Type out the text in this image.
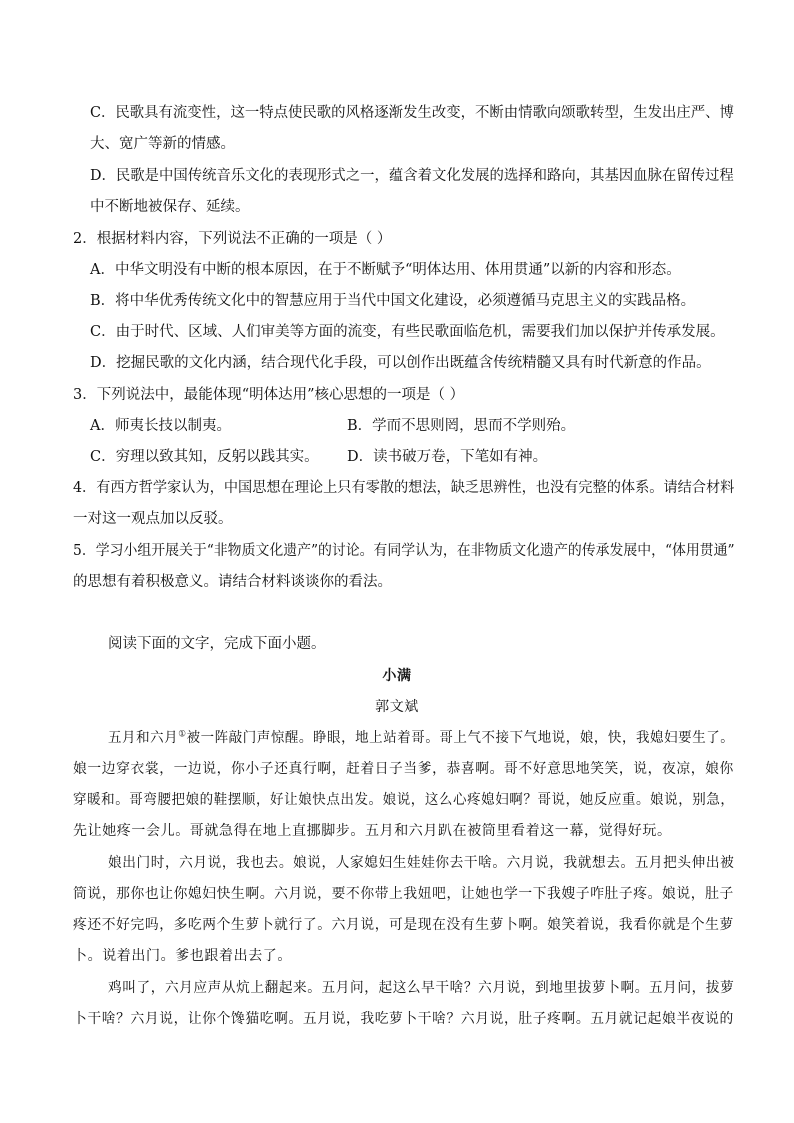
C．民歌具有流变性，这一特点使民歌的风格逐渐发生改变，不断由情歌向颂歌转型，生发出庄严、博
大、宽广等新的情感。
D．民歌是中国传统音乐文化的表现形式之一，蕴含着文化发展的选择和路向，其基因血脉在留传过程
中不断地被保存、延续。
2．根据材料内容，下列说法不正确的一项是（ ）
A．中华文明没有中断的根本原因，在于不断赋予“明体达用、体用贯通”以新的内容和形态。
B．将中华优秀传统文化中的智慧应用于当代中国文化建设，必须遵循马克思主义的实践品格。
C．由于时代、区域、人们审美等方面的流变，有些民歌面临危机，需要我们加以保护并传承发展。
D．挖掘民歌的文化内涵，结合现代化手段，可以创作出既蕴含传统精髓又具有时代新意的作品。
3．下列说法中，最能体现“明体达用”核心思想的一项是（ ）
A．师夷长技以制夷。	B．学而不思则罔，思而不学则殆。
C．穷理以致其知，反躬以践其实。 D．读书破万卷，下笔如有神。
4．有西方哲学家认为，中国思想在理论上只有零散的想法，缺乏思辨性，也没有完整的体系。请结合材料
一对这一观点加以反驳。
5．学习小组开展关于“非物质文化遗产”的讨论。有同学认为，在非物质文化遗产的传承发展中，“体用贯通”
的思想有着积极意义。请结合材料谈谈你的看法。
阅读下面的文字，完成下面小题。
小满
郭文斌
五月和六月①被一阵敲门声惊醒。睁眼，地上站着哥。哥上气不接下气地说，娘，快，我媳妇要生了。
娘一边穿衣裳，一边说，你小子还真行啊，赶着日子当爹，恭喜啊。哥不好意思地笑笑，说，夜凉，娘你
穿暖和。哥弯腰把娘的鞋摆顺，好让娘快点出发。娘说，这么心疼媳妇啊？哥说，她反应重。娘说，别急，
先让她疼一会儿。哥就急得在地上直挪脚步。五月和六月趴在被筒里看着这一幕，觉得好玩。
娘出门时，六月说，我也去。娘说，人家媳妇生娃娃你去干啥。六月说，我就想去。五月把头伸出被
筒说，那你也让你媳妇快生啊。六月说，要不你带上我妞吧，让她也学一下我嫂子咋肚子疼。娘说，肚子
疼还不好完吗，多吃两个生萝卜就行了。六月说，可是现在没有生萝卜啊。娘笑着说，我看你就是个生萝
卜。说着出门。爹也跟着出去了。
鸡叫了，六月应声从炕上翻起来。五月问，起这么早干啥？六月说，到地里拔萝卜啊。五月问，拔萝
卜干啥？六月说，让你个馋猫吃啊。五月说，我吃萝卜干啥？六月说，肚子疼啊。五月就记起娘半夜说的
